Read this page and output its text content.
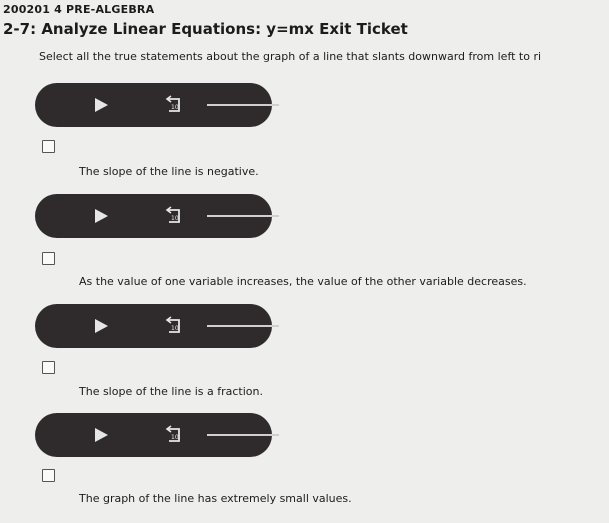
200201 4 PRE-ALGEBRA
2-7: Analyze Linear Equations: y=mx Exit Ticket
Select all the true statements about the graph of a line that slants downward from left to ri
10
The slope of the line is negative.
10
As the value of one variable increases, the value of the other variable decreases.
10
The slope of the line is a fraction.
10
The graph of the line has extremely small values.
